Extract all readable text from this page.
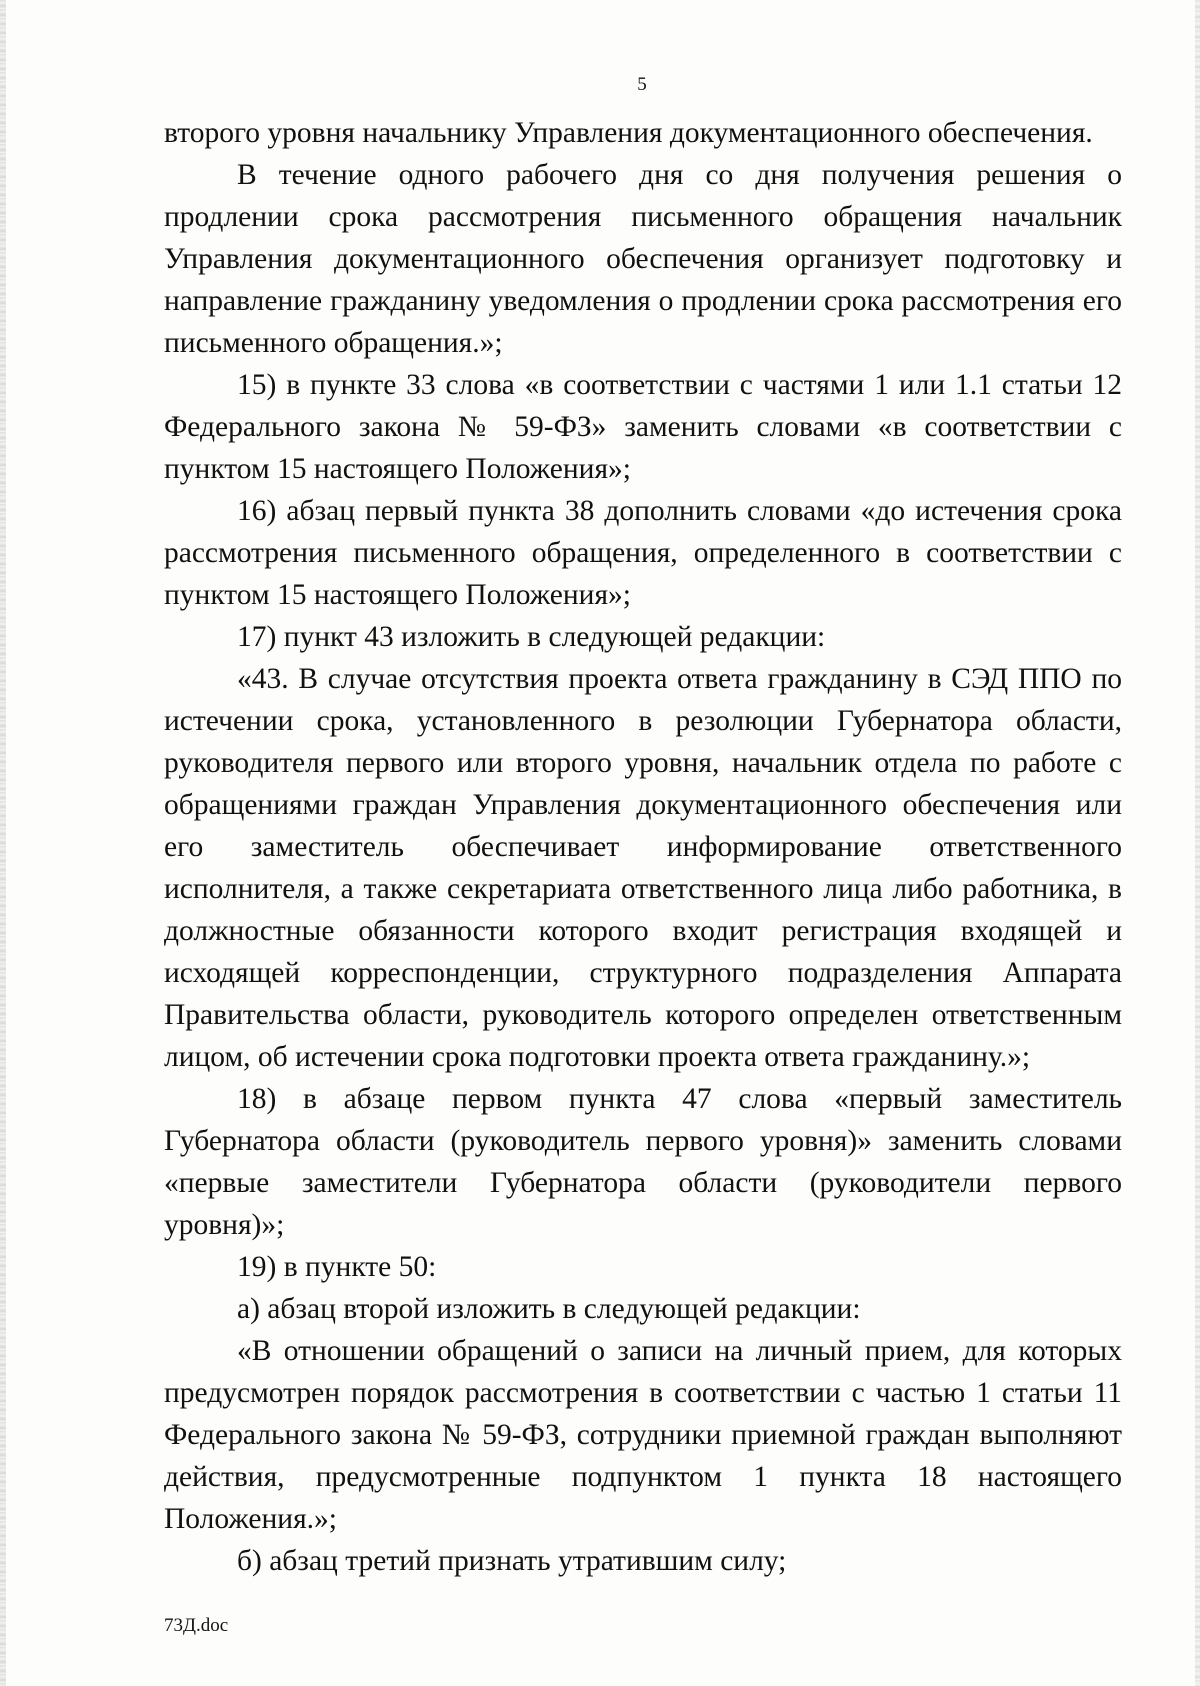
5

второго уровня начальнику Управления документационного обеспечения.

В течение одного рабочего дня со дня получения решения о продлении срока рассмотрения письменного обращения начальник Управления документационного обеспечения организует подготовку и направление гражданину уведомления о продлении срока рассмотрения его письменного обращения.»;

15) в пункте 33 слова «в соответствии с частями 1 или 1.1 статьи 12 Федерального закона № 59-ФЗ» заменить словами «в соответствии с пунктом 15 настоящего Положения»;

16) абзац первый пункта 38 дополнить словами «до истечения срока рассмотрения письменного обращения, определенного в соответствии с пунктом 15 настоящего Положения»;

17) пункт 43 изложить в следующей редакции:

«43. В случае отсутствия проекта ответа гражданину в СЭД ППО по истечении срока, установленного в резолюции Губернатора области, руководителя первого или второго уровня, начальник отдела по работе с обращениями граждан Управления документационного обеспечения или его заместитель обеспечивает информирование ответственного исполнителя, а также секретариата ответственного лица либо работника, в должностные обязанности которого входит регистрация входящей и исходящей корреспонденции, структурного подразделения Аппарата Правительства области, руководитель которого определен ответственным лицом, об истечении срока подготовки проекта ответа гражданину.»;

18) в абзаце первом пункта 47 слова «первый заместитель Губернатора области (руководитель первого уровня)» заменить словами «первые заместители Губернатора области (руководители первого уровня)»;

19) в пункте 50:

а) абзац второй изложить в следующей редакции:

«В отношении обращений о записи на личный прием, для которых предусмотрен порядок рассмотрения в соответствии с частью 1 статьи 11 Федерального закона № 59-ФЗ, сотрудники приемной граждан выполняют действия, предусмотренные подпунктом 1 пункта 18 настоящего Положения.»;

б) абзац третий признать утратившим силу;

73Д.doc
